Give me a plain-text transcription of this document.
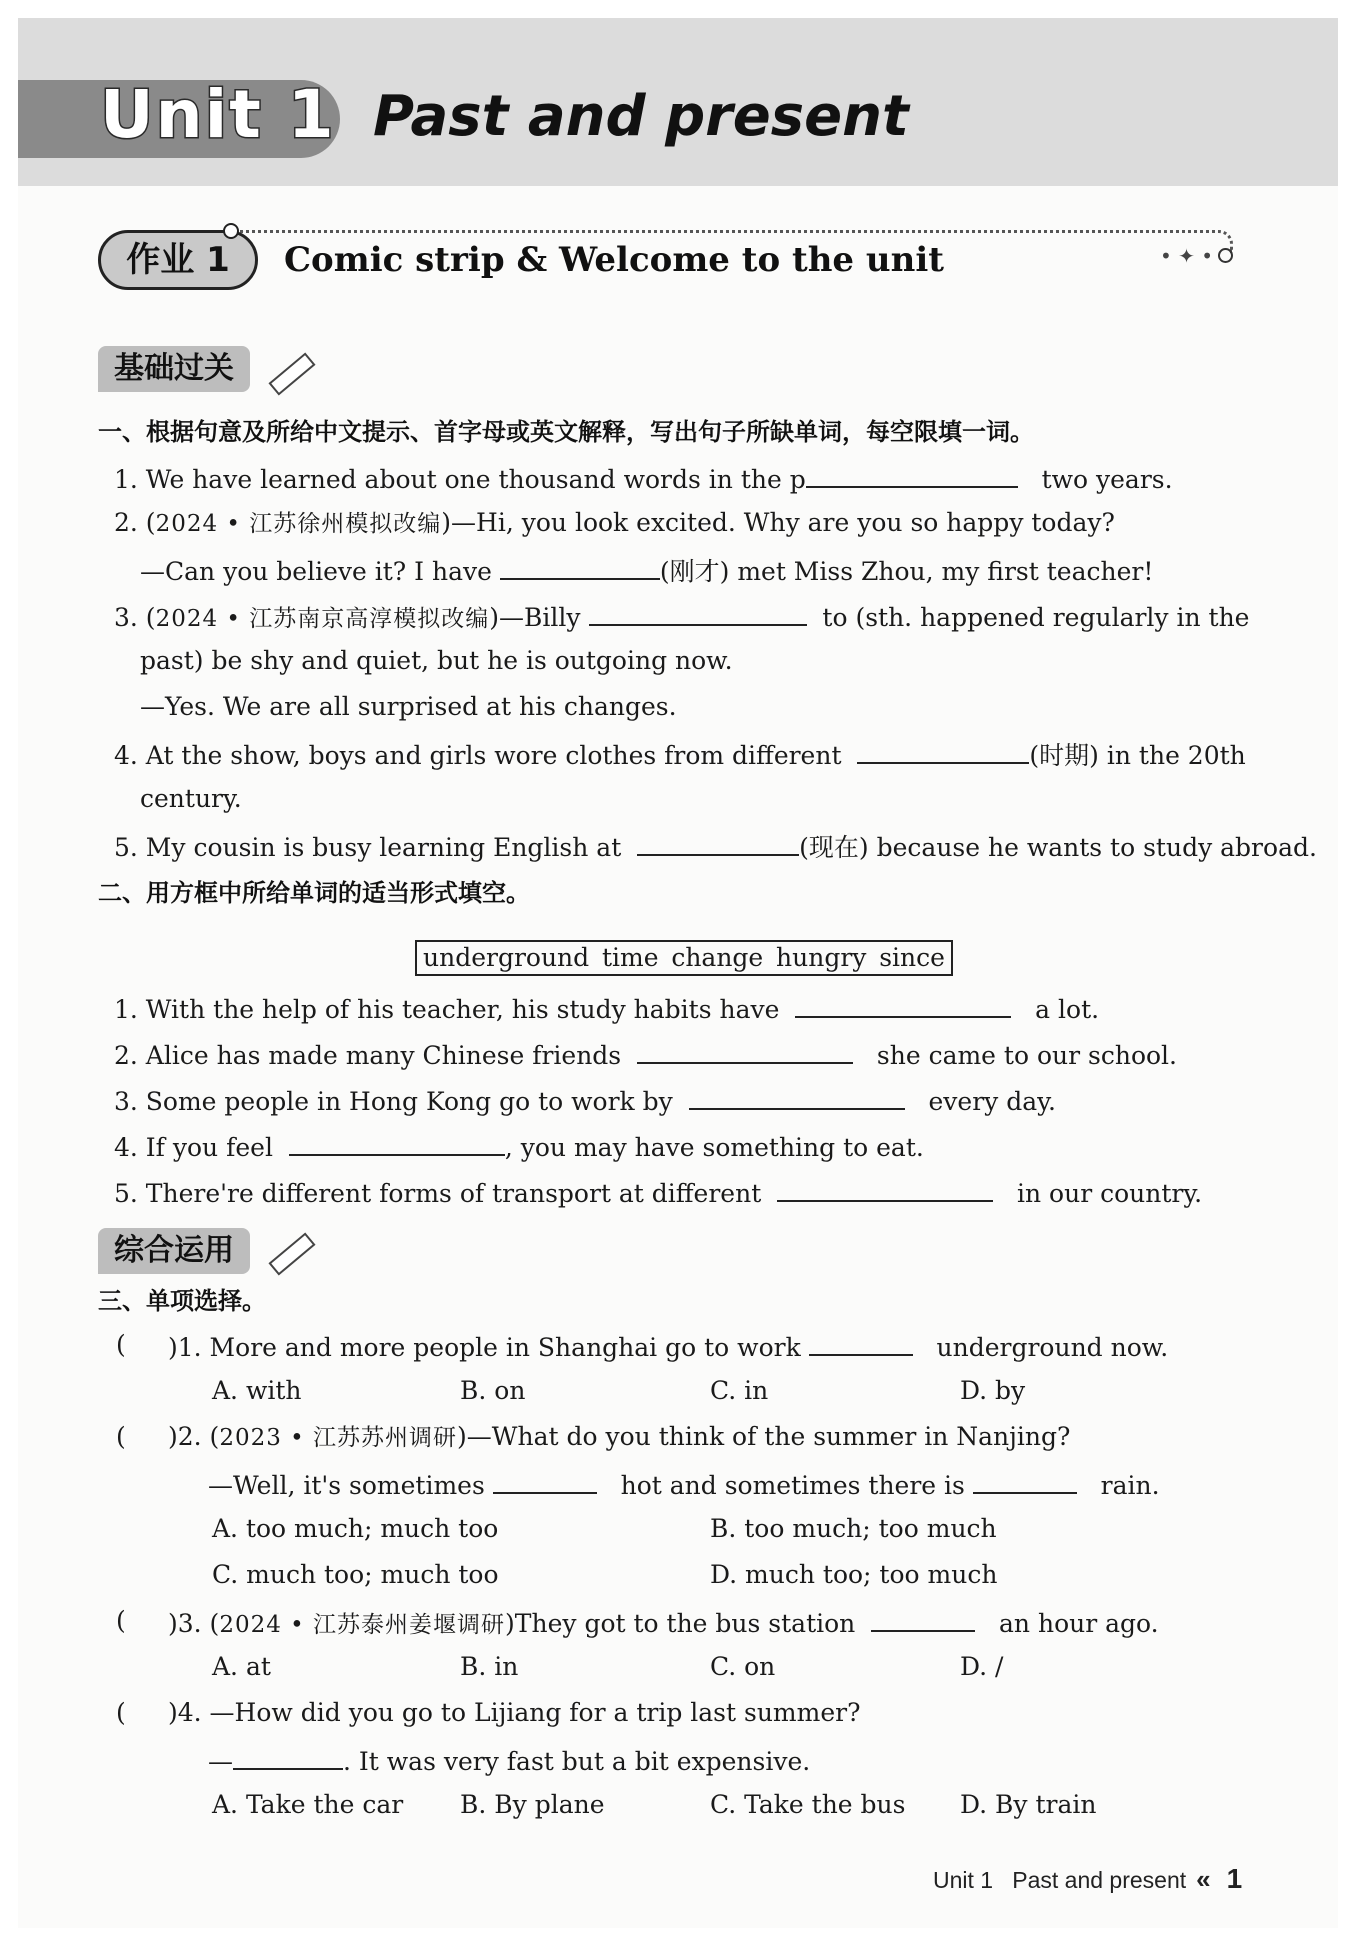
Unit 1 Past and present
• ✦ •
作业 1	Comic strip & Welcome to the unit
基础过关
一、根据句意及所给中文提示、首字母或英文解释，写出句子所缺单词，每空限填一词。
1. We have learned about one thousand words in the p	two years.
2. (2024 • 江苏徐州模拟改编)—Hi, you look excited. Why are you so happy today?
—Can you believe it? I have	(刚才) met Miss Zhou, my first teacher!
3. (2024 • 江苏南京高淳模拟改编)—Billy	to (sth. happened regularly in the
past) be shy and quiet, but he is outgoing now.
—Yes. We are all surprised at his changes.
4. At the show, boys and girls wore clothes from different	(时期) in the 20th
century.
5. My cousin is busy learning English at	(现在) because he wants to study abroad.
二、用方框中所给单词的适当形式填空。
underground time change hungry since
1. With the help of his teacher, his study habits have	a lot.
2. Alice has made many Chinese friends	she came to our school.
3. Some people in Hong Kong go to work by	every day.
4. If you feel	, you may have something to eat.
5. There're different forms of transport at different	in our country.
综合运用
三、单项选择。
( )1. More and more people in Shanghai go to work	underground now.
A. with	B. on	C. in	D. by
( )2. (2023 • 江苏苏州调研)—What do you think of the summer in Nanjing?
—Well, it's sometimes	hot and sometimes there is	rain.
A. too much; much too	B. too much; too much
C. much too; much too	D. much too; too much
( )3. (2024 • 江苏泰州姜堰调研)They got to the bus station	an hour ago.
A. at	B. in	C. on	D. /
( )4. —How did you go to Lijiang for a trip last summer?
—	. It was very fast but a bit expensive.
A. Take the car B. By plane	C. Take the bus D. By train
Unit 1   Past and present « 1
